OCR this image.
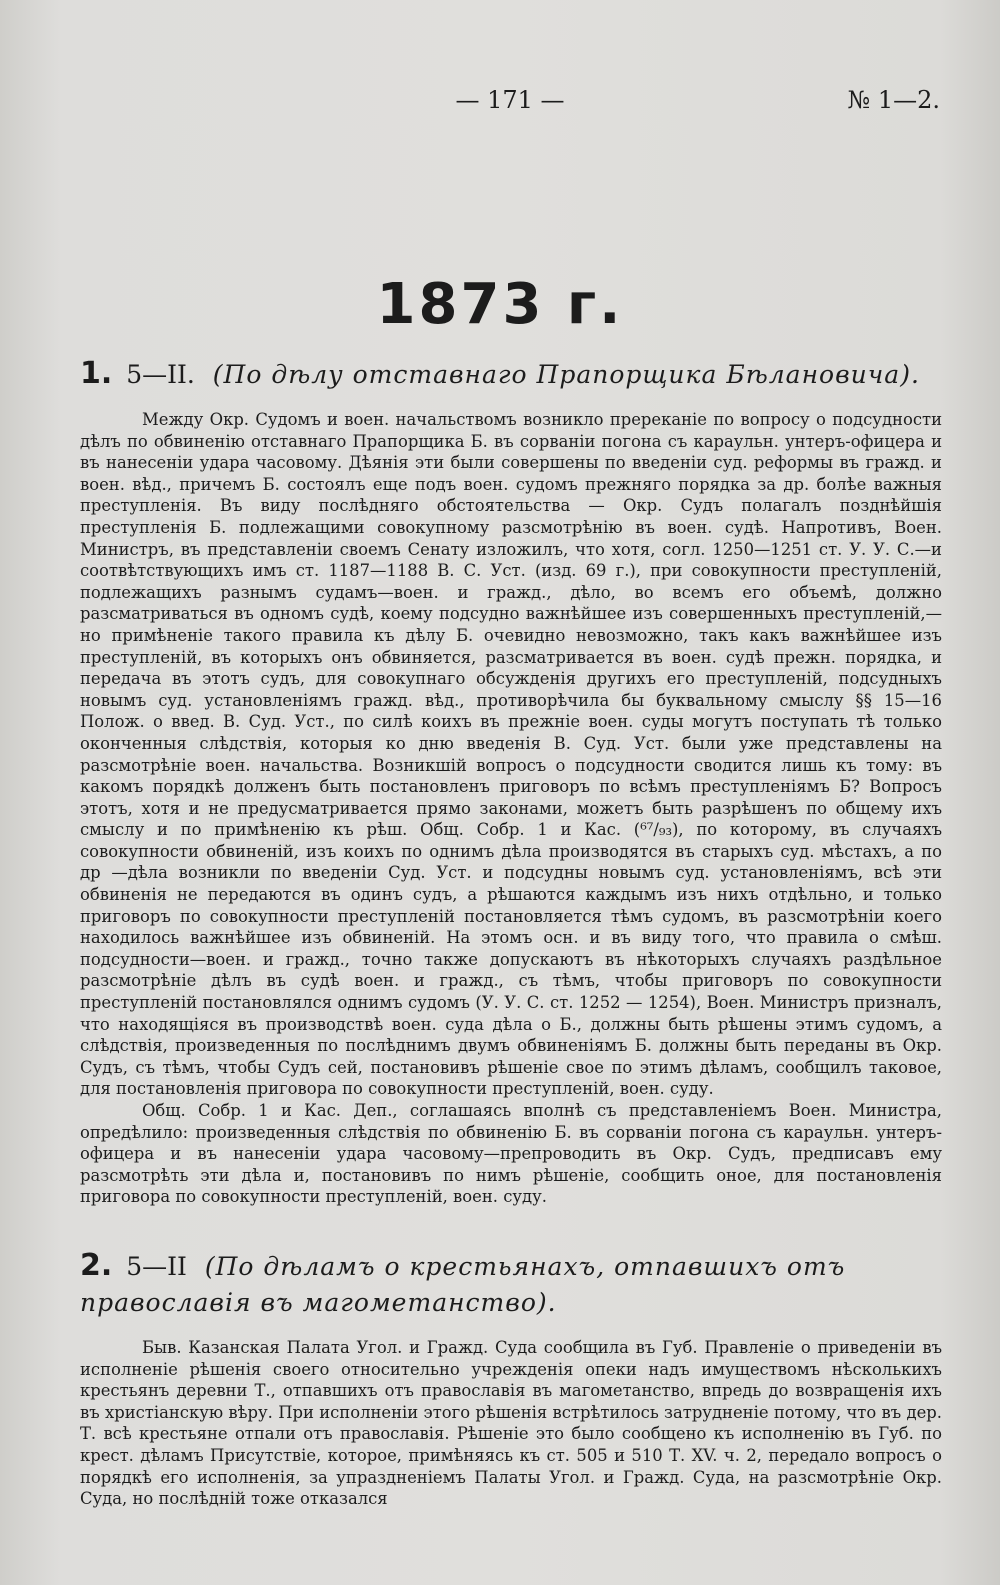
— 171 —	№ 1—2.
1873 г.
1. 5—II. (По дѣлу отставнаго Прапорщика Бѣлановича).

Между Окр. Судомъ и воен. начальствомъ возникло пререканіе по вопросу о подсудности дѣлъ по обвиненію отставнаго Прапорщика Б. въ сорваніи погона съ караульн. унтеръ-офицера и въ нанесеніи удара часовому. Дѣянія эти были совершены по введеніи суд. реформы въ гражд. и воен. вѣд., причемъ Б. состоялъ еще подъ воен. судомъ прежняго порядка за др. болѣе важныя преступленія. Въ виду послѣдняго обстоятельства — Окр. Судъ полагалъ позднѣйшія преступленія Б. подлежащими совокупному разсмотрѣнію въ воен. судѣ. Напротивъ, Воен. Министръ, въ представленіи своемъ Сенату изложилъ, что хотя, согл. 1250—1251 ст. У. У. С.—и соотвѣтствующихъ имъ ст. 1187—1188 В. С. Уст. (изд. 69 г.), при совокупности преступленій, подлежащихъ разнымъ судамъ—воен. и гражд., дѣло, во всемъ его объемѣ, должно разсматриваться въ одномъ судѣ, коему подсудно важнѣйшее изъ совершенныхъ преступленій,—но примѣненіе такого правила къ дѣлу Б. очевидно невозможно, такъ какъ важнѣйшее изъ преступленій, въ которыхъ онъ обвиняется, разсматривается въ воен. судѣ прежн. порядка, и передача въ этотъ судъ, для совокупнаго обсужденія другихъ его преступленій, подсудныхъ новымъ суд. установленіямъ гражд. вѣд., противорѣчила бы буквальному смыслу §§ 15—16 Полож. о введ. В. Суд. Уст., по силѣ коихъ въ прежніе воен. суды могутъ поступать тѣ только оконченныя слѣдствія, которыя ко дню введенія В. Суд. Уст. были уже представлены на разсмотрѣніе воен. начальства. Возникшій вопросъ о подсудности сводится лишь къ тому: въ какомъ порядкѣ долженъ быть постановленъ приговоръ по всѣмъ преступленіямъ Б? Вопросъ этотъ, хотя и не предусматривается прямо законами, можетъ быть разрѣшенъ по общему ихъ смыслу и по примѣненію къ рѣш. Общ. Собр. 1 и Кас. (⁶⁷/₉₃), по которому, въ случаяхъ совокупности обвиненій, изъ коихъ по однимъ дѣла производятся въ старыхъ суд. мѣстахъ, а по др —дѣла возникли по введеніи Суд. Уст. и подсудны новымъ суд. установленіямъ, всѣ эти обвиненія не передаются въ одинъ судъ, а рѣшаются каждымъ изъ нихъ отдѣльно, и только приговоръ по совокупности преступленій постановляется тѣмъ судомъ, въ разсмотрѣніи коего находилось важнѣйшее изъ обвиненій. На этомъ осн. и въ виду того, что правила о смѣш. подсудности—воен. и гражд., точно также допускаютъ въ нѣкоторыхъ случаяхъ раздѣльное разсмотрѣніе дѣлъ въ судѣ воен. и гражд., съ тѣмъ, чтобы приговоръ по совокупности преступленій постановлялся однимъ судомъ (У. У. С. ст. 1252 — 1254), Воен. Министръ призналъ, что находящіяся въ производствѣ воен. суда дѣла о Б., должны быть рѣшены этимъ судомъ, а слѣдствія, произведенныя по послѣднимъ двумъ обвиненіямъ Б. должны быть переданы въ Окр. Судъ, съ тѣмъ, чтобы Судъ сей, постановивъ рѣшеніе свое по этимъ дѣламъ, сообщилъ таковое, для постановленія приговора по совокупности преступленій, воен. суду.

Общ. Собр. 1 и Кас. Деп., соглашаясь вполнѣ съ представленіемъ Воен. Министра, опредѣлило: произведенныя слѣдствія по обвиненію Б. въ сорваніи погона съ караульн. унтеръ-офицера и въ нанесеніи удара часовому—препроводить въ Окр. Судъ, предписавъ ему разсмотрѣть эти дѣла и, постановивъ по нимъ рѣшеніе, сообщить оное, для постановленія приговора по совокупности преступленій, воен. суду.

2. 5—II (По дѣламъ о крестьянахъ, отпавшихъ отъ православія въ магометанство).

Быв. Казанская Палата Угол. и Гражд. Суда сообщила въ Губ. Правленіе о приведеніи въ исполненіе рѣшенія своего относительно учрежденія опеки надъ имуществомъ нѣсколькихъ крестьянъ деревни Т., отпавшихъ отъ православія въ магометанство, впредь до возвращенія ихъ въ христіанскую вѣру. При исполненіи этого рѣшенія встрѣтилось затрудненіе потому, что въ дер. Т. всѣ крестьяне отпали отъ православія. Рѣшеніе это было сообщено къ исполненію въ Губ. по крест. дѣламъ Присутствіе, которое, примѣняясь къ ст. 505 и 510 Т. XV. ч. 2, передало вопросъ о порядкѣ его исполненія, за упраздненіемъ Палаты Угол. и Гражд. Суда, на разсмотрѣніе Окр. Суда, но послѣдній тоже отказался
